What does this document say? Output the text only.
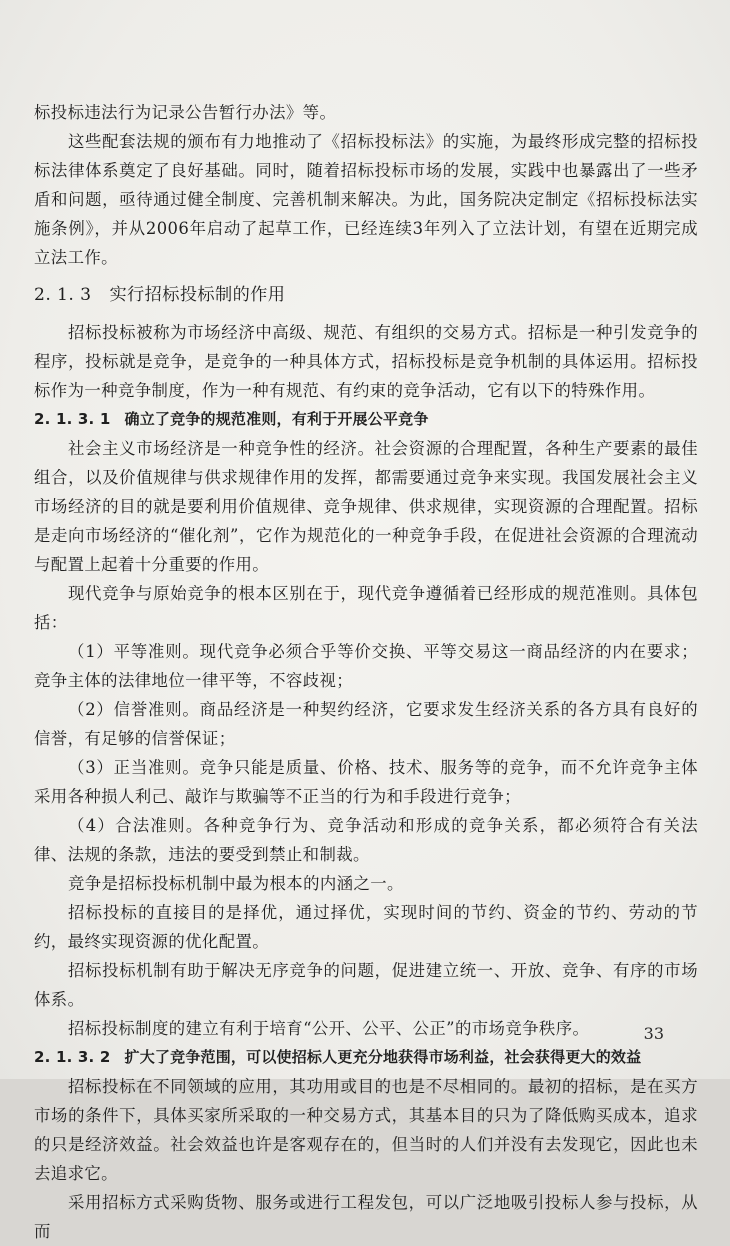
标投标违法行为记录公告暂行办法》等。

这些配套法规的颁布有力地推动了《招标投标法》的实施，为最终形成完整的招标投标法律体系奠定了良好基础。同时，随着招标投标市场的发展，实践中也暴露出了一些矛盾和问题，亟待通过健全制度、完善机制来解决。为此，国务院决定制定《招标投标法实施条例》，并从2006年启动了起草工作，已经连续3年列入了立法计划，有望在近期完成立法工作。

2. 1. 3 实行招标投标制的作用

招标投标被称为市场经济中高级、规范、有组织的交易方式。招标是一种引发竞争的程序，投标就是竞争，是竞争的一种具体方式，招标投标是竞争机制的具体运用。招标投标作为一种竞争制度，作为一种有规范、有约束的竞争活动，它有以下的特殊作用。

2. 1. 3. 1 确立了竞争的规范准则，有利于开展公平竞争

社会主义市场经济是一种竞争性的经济。社会资源的合理配置，各种生产要素的最佳组合，以及价值规律与供求规律作用的发挥，都需要通过竞争来实现。我国发展社会主义市场经济的目的就是要利用价值规律、竞争规律、供求规律，实现资源的合理配置。招标是走向市场经济的“催化剂”，它作为规范化的一种竞争手段，在促进社会资源的合理流动与配置上起着十分重要的作用。

现代竞争与原始竞争的根本区别在于，现代竞争遵循着已经形成的规范准则。具体包括：

（1）平等准则。现代竞争必须合乎等价交换、平等交易这一商品经济的内在要求；竞争主体的法律地位一律平等，不容歧视；

（2）信誉准则。商品经济是一种契约经济，它要求发生经济关系的各方具有良好的信誉，有足够的信誉保证；

（3）正当准则。竞争只能是质量、价格、技术、服务等的竞争，而不允许竞争主体采用各种损人利己、敲诈与欺骗等不正当的行为和手段进行竞争；

（4）合法准则。各种竞争行为、竞争活动和形成的竞争关系，都必须符合有关法律、法规的条款，违法的要受到禁止和制裁。

竞争是招标投标机制中最为根本的内涵之一。

招标投标的直接目的是择优，通过择优，实现时间的节约、资金的节约、劳动的节约，最终实现资源的优化配置。

招标投标机制有助于解决无序竞争的问题，促进建立统一、开放、竞争、有序的市场体系。

招标投标制度的建立有利于培育“公开、公平、公正”的市场竞争秩序。

2. 1. 3. 2 扩大了竞争范围，可以使招标人更充分地获得市场利益，社会获得更大的效益

招标投标在不同领域的应用，其功用或目的也是不尽相同的。最初的招标，是在买方市场的条件下，具体买家所采取的一种交易方式，其基本目的只为了降低购买成本，追求的只是经济效益。社会效益也许是客观存在的，但当时的人们并没有去发现它，因此也未去追求它。

采用招标方式采购货物、服务或进行工程发包，可以广泛地吸引投标人参与投标，从而

33
